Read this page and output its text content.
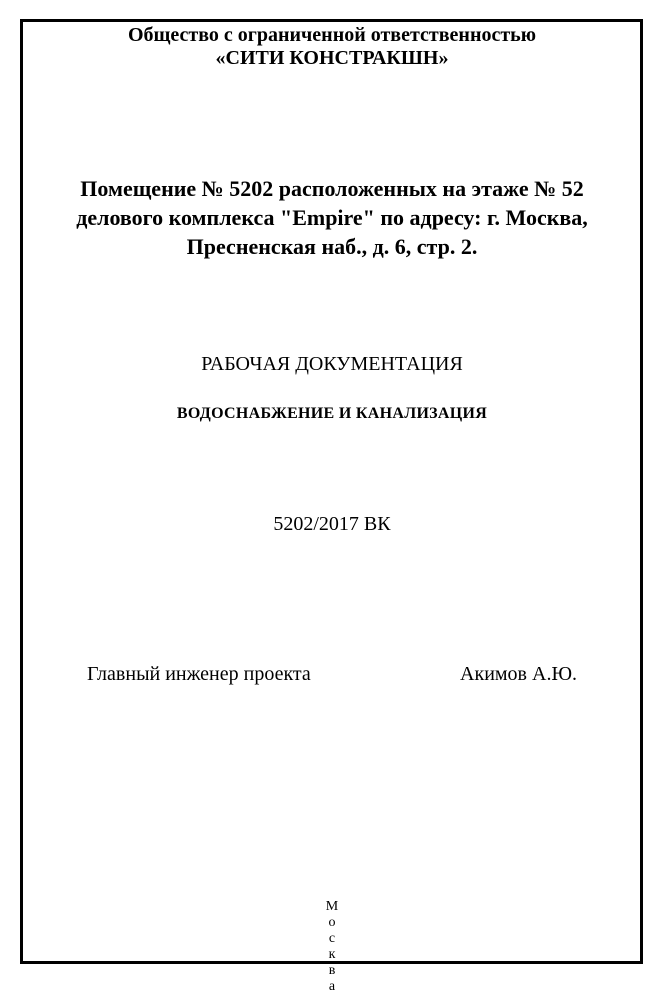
Общество с ограниченной ответственностью
«СИТИ КОНСТРАКШН»
Помещение № 5202 расположенных на этаже № 52
делового комплекса "Empire" по адресу: г. Москва,
Пресненская наб., д. 6, стр. 2.
РАБОЧАЯ ДОКУМЕНТАЦИЯ
ВОДОСНАБЖЕНИЕ И КАНАЛИЗАЦИЯ
5202/2017 ВК
Главный инженер проекта	Акимов А.Ю.
М
о
с
к
в
а
